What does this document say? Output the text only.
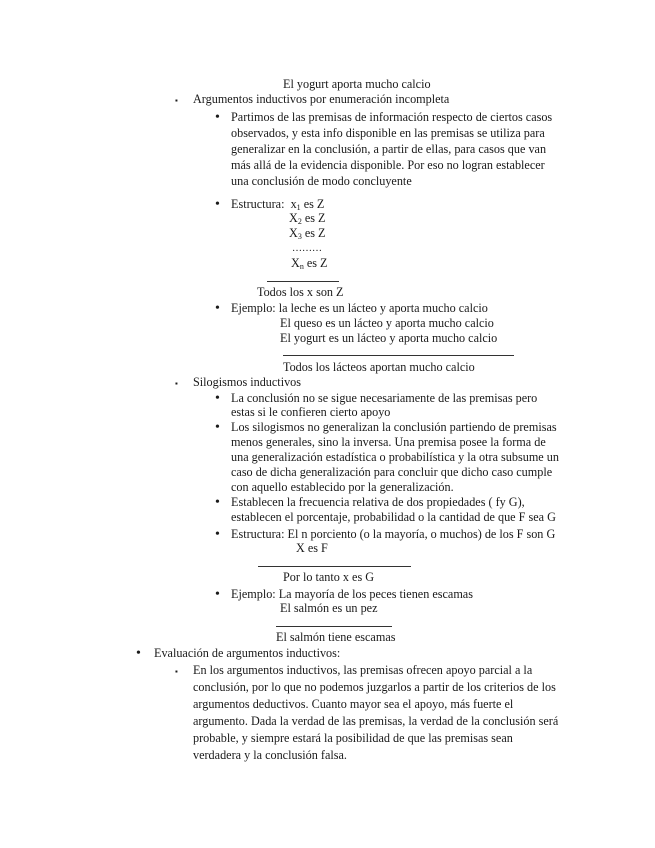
El yogurt aporta mucho calcio
▪ Argumentos inductivos por enumeración incompleta
• Partimos de las premisas de información respecto de ciertos casos
observados, y esta info disponible en las premisas se utiliza para
generalizar en la conclusión, a partir de ellas, para casos que van
más allá de la evidencia disponible. Por eso no logran establecer
una conclusión de modo concluyente
• Estructura: $x_1$ es Z
$X_2$ es Z
$X_3$ es Z
………
$X_n$ es Z
Todos los x son Z
• Ejemplo: la leche es un lácteo y aporta mucho calcio
El queso es un lácteo y aporta mucho calcio
El yogurt es un lácteo y aporta mucho calcio
Todos los lácteos aportan mucho calcio
▪ Silogismos inductivos
• La conclusión no se sigue necesariamente de las premisas pero
estas si le confieren cierto apoyo
• Los silogismos no generalizan la conclusión partiendo de premisas
menos generales, sino la inversa. Una premisa posee la forma de
una generalización estadística o probabilística y la otra subsume un
caso de dicha generalización para concluir que dicho caso cumple
con aquello establecido por la generalización.
• Establecen la frecuencia relativa de dos propiedades ( fy G),
establecen el porcentaje, probabilidad o la cantidad de que F sea G
• Estructura: El n porciento (o la mayoría, o muchos) de los F son G
X es F
Por lo tanto x es G
• Ejemplo: La mayoría de los peces tienen escamas
El salmón es un pez
El salmón tiene escamas
• Evaluación de argumentos inductivos:
▪ En los argumentos inductivos, las premisas ofrecen apoyo parcial a la
conclusión, por lo que no podemos juzgarlos a partir de los criterios de los
argumentos deductivos. Cuanto mayor sea el apoyo, más fuerte el
argumento. Dada la verdad de las premisas, la verdad de la conclusión será
probable, y siempre estará la posibilidad de que las premisas sean
verdadera y la conclusión falsa.
